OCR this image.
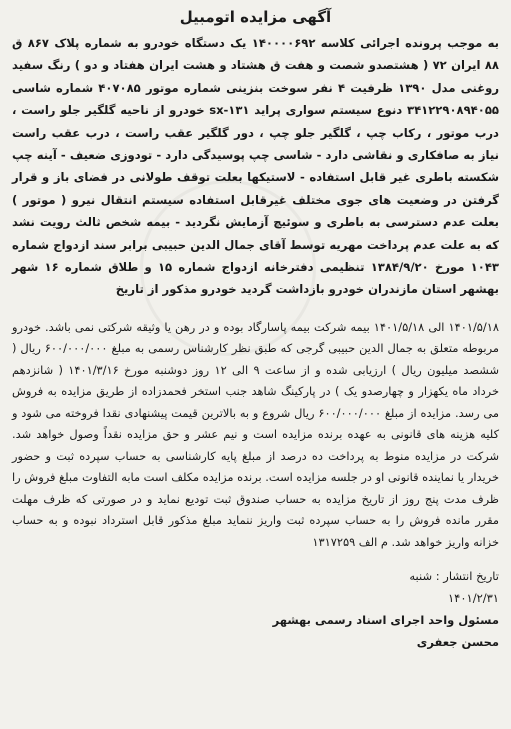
آگهی مزایده اتومبیل
به موجب پرونده اجرائی کلاسه ۱۴۰۰۰۰۶۹۲ یک دستگاه خودرو به شماره پلاک ۸۶۷ ق ۸۸ ایران ۷۲ ( هشتصدو شصت و هفت ق هشتاد و هشت ایران هفتاد و دو ) رنگ سفید روغنی مدل ۱۳۹۰ ظرفیت ۴ نفر سوخت بنزینی شماره موتور ۴۰۷۰۸۵ شماره شاسی ۳۴۱۲۲۹۰۸۹۴۰۵۵ دنوع سیستم سواری پراید ۱۳۱-sx خودرو از ناحیه گلگیر جلو راست ، درب موتور ، رکاب چپ ، گلگیر جلو چپ ، دور گلگیر عقب راست ، درب عقب راست نیاز به صافکاری و نقاشی دارد - شاسی چپ پوسیدگی دارد - تودوزی ضعیف - آینه چپ شکسته باطری غیر قابل استفاده - لاستیکها بعلت توقف طولانی در فضای باز و قرار گرفتن در وضعیت های جوی مختلف غیرقابل استفاده سیستم انتقال نیرو ( موتور ) بعلت عدم دسترسی به باطری و سوئیچ آزمایش نگردید - بیمه شخص ثالث رویت نشد که به علت عدم پرداخت مهریه توسط آقای جمال الدین حبیبی برابر سند ازدواج شماره ۱۰۴۳ مورخ ۱۳۸۴/۹/۲۰ تنظیمی دفترخانه ازدواج شماره ۱۵ و طلاق شماره ۱۶ شهر بهشهر استان مازندران خودرو بازداشت گردید خودرو مذکور از تاریخ
۱۴۰۱/۵/۱۸ الی ۱۴۰۱/۵/۱۸ بیمه شرکت بیمه پاسارگاد بوده و در رهن یا وثیقه شرکتی نمی باشد. خودرو مربوطه متعلق به جمال الدین حبیبی گرجی که طبق نظر کارشناس رسمی به مبلغ ۶۰۰/۰۰۰/۰۰۰ ریال ( ششصد میلیون ریال ) ارزیابی شده و از ساعت ۹ الی ۱۲ روز دوشنبه مورخ ۱۴۰۱/۳/۱۶ ( شانزدهم خرداد ماه یکهزار و چهارصدو یک ) در پارکینگ شاهد جنب استخر فحمدزاده از طریق مزایده به فروش می رسد. مزایده از مبلغ ۶۰۰/۰۰۰/۰۰۰ ریال شروع و به بالاترین قیمت پیشنهادی نقدا فروخته می شود و کلیه هزینه های قانونی به عهده برنده مزایده است و نیم عشر و حق مزایده نقداً وصول خواهد شد. شرکت در مزایده منوط به پرداخت ده درصد از مبلغ پایه کارشناسی به حساب سپرده ثبت و حضور خریدار یا نماینده قانونی او در جلسه مزایده است. برنده مزایده مکلف است مابه التفاوت مبلغ فروش را ظرف مدت پنج روز از تاریخ مزایده به حساب صندوق ثبت تودیع نماید و در صورتی که ظرف مهلت مقرر مانده فروش را به حساب سپرده ثبت واریز ننماید مبلغ مذکور قابل استرداد نبوده و به حساب خزانه واریز خواهد شد. م الف ۱۳۱۷۲۵۹
تاریخ انتشار : شنبه
۱۴۰۱/۲/۳۱
مسئول واحد اجرای اسناد رسمی بهشهر
محسن جعفری
